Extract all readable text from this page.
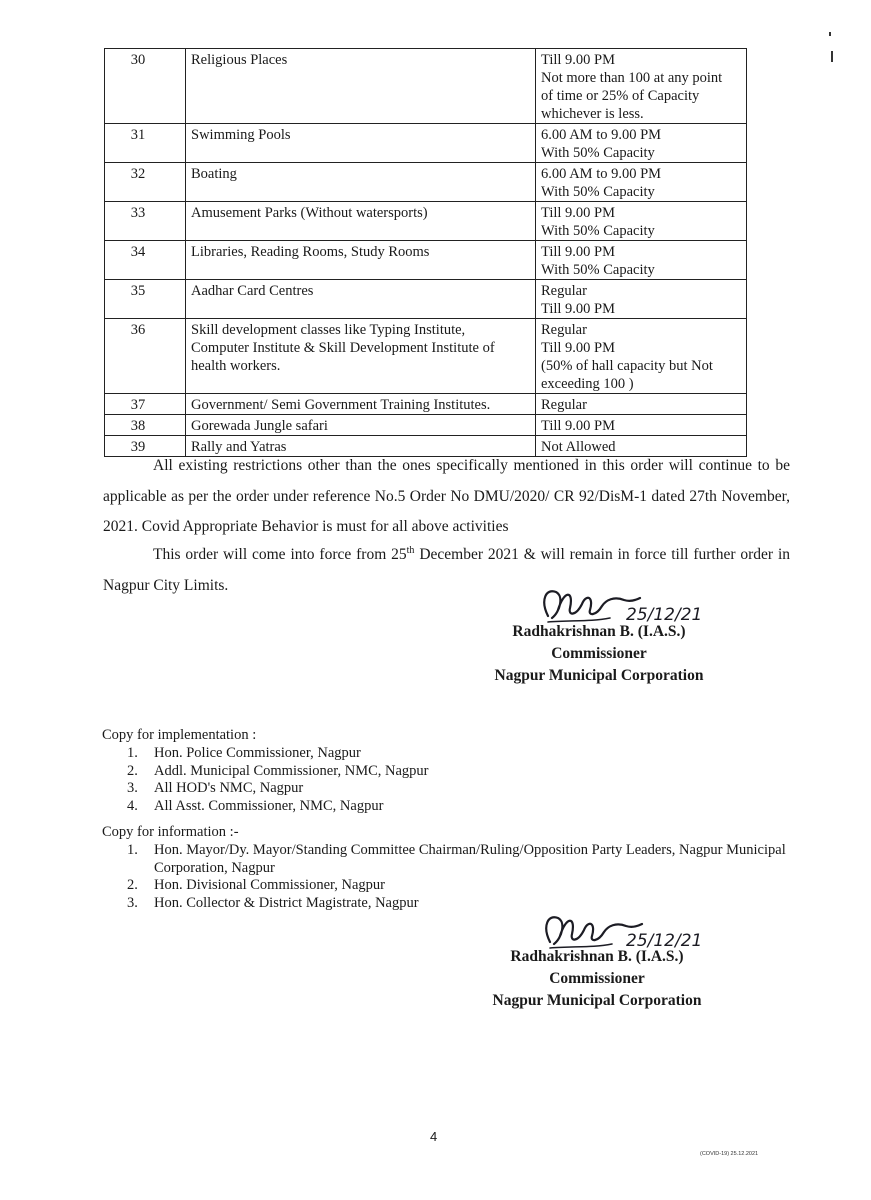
30	Religious Places	Till 9.00 PM
Not more than 100 at any point
of time or 25% of Capacity
whichever is less.

31	Swimming Pools	6.00 AM to 9.00 PM
With 50% Capacity

32	Boating	6.00 AM to 9.00 PM
With 50% Capacity

33	Amusement Parks (Without watersports)	Till 9.00 PM
With 50% Capacity

34	Libraries, Reading Rooms, Study Rooms	Till 9.00 PM
With 50% Capacity

35	Aadhar Card Centres	Regular
Till 9.00 PM

36	Skill development classes like Typing Institute,
Computer Institute & Skill Development Institute of
health workers.	Regular
Till 9.00 PM
(50% of hall capacity but Not
exceeding 100 )

37	Government/ Semi Government Training Institutes.	Regular

38	Gorewada Jungle safari	Till 9.00 PM

39	Rally and Yatras	Not Allowed

All existing restrictions other than the ones specifically mentioned in this order will continue to be applicable as per the order under reference No.5 Order No DMU/2020/ CR 92/DisM-1 dated 27th November, 2021. Covid Appropriate Behavior is must for all above activities

This order will come into force from 25th December 2021 & will remain in force till further order in Nagpur City Limits.

25/12/21
Radhakrishnan B. (I.A.S.)
Commissioner
Nagpur Municipal Corporation
Copy for implementation :
1. Hon. Police Commissioner, Nagpur
2. Addl. Municipal Commissioner, NMC, Nagpur
3. All HOD's NMC, Nagpur
4. All Asst. Commissioner, NMC, Nagpur
Copy for information :-
1. Hon. Mayor/Dy. Mayor/Standing Committee Chairman/Ruling/Opposition Party Leaders, Nagpur Municipal Corporation, Nagpur
2. Hon. Divisional Commissioner, Nagpur
3. Hon. Collector & District Magistrate, Nagpur
25/12/21
Radhakrishnan B. (I.A.S.)
Commissioner
Nagpur Municipal Corporation
4
(COVID-19) 25.12.2021
